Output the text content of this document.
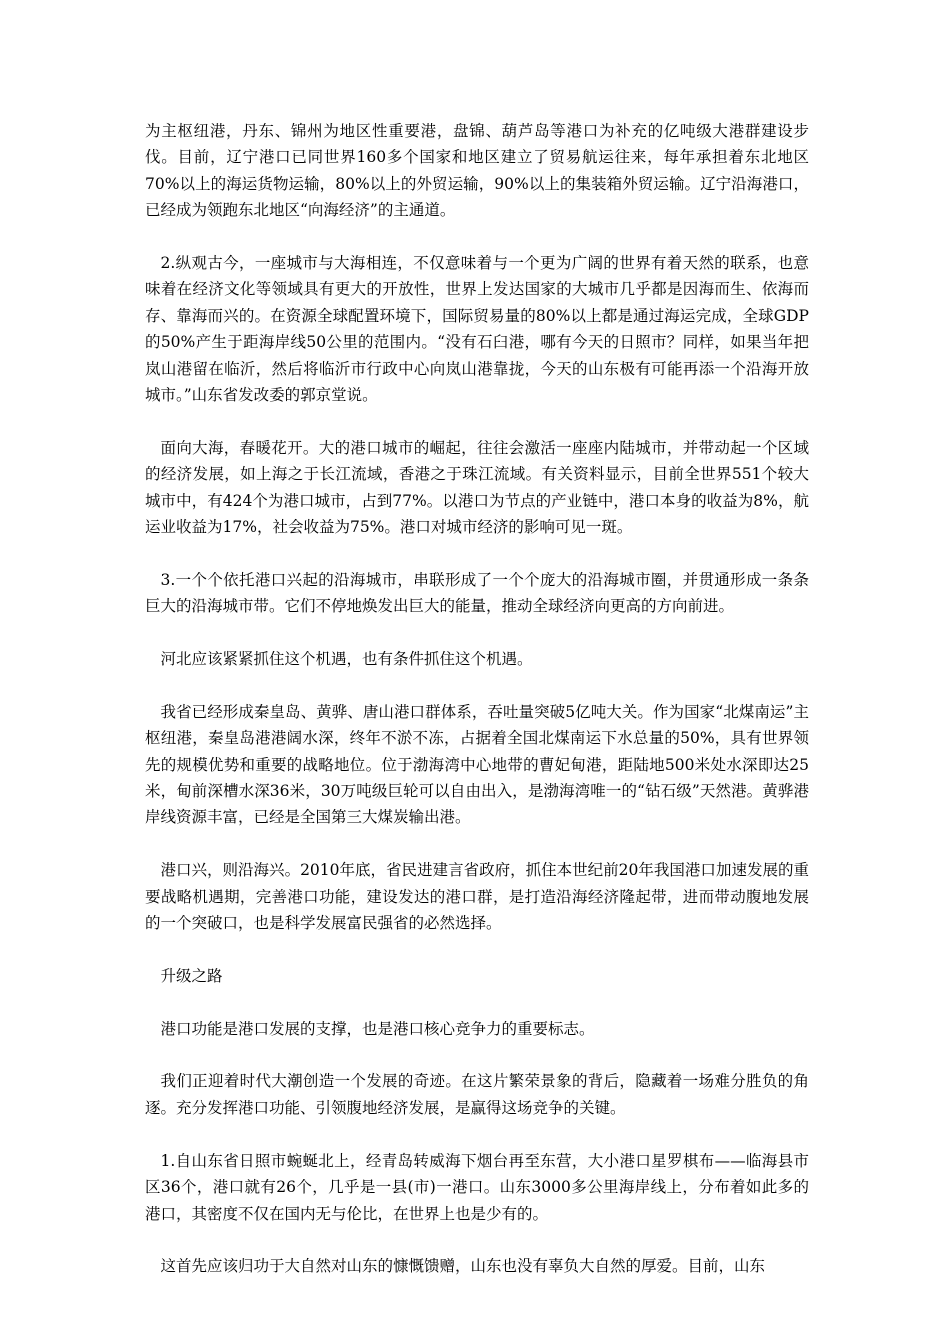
为主枢纽港，丹东、锦州为地区性重要港，盘锦、葫芦岛等港口为补充的亿吨级大港群建设步伐。目前，辽宁港口已同世界160多个国家和地区建立了贸易航运往来，每年承担着东北地区70%以上的海运货物运输，80%以上的外贸运输，90%以上的集装箱外贸运输。辽宁沿海港口，已经成为领跑东北地区“向海经济”的主通道。

2.纵观古今，一座城市与大海相连，不仅意味着与一个更为广阔的世界有着天然的联系，也意味着在经济文化等领域具有更大的开放性，世界上发达国家的大城市几乎都是因海而生、依海而存、靠海而兴的。在资源全球配置环境下，国际贸易量的80%以上都是通过海运完成，全球GDP的50%产生于距海岸线50公里的范围内。“没有石臼港，哪有今天的日照市？同样，如果当年把岚山港留在临沂，然后将临沂市行政中心向岚山港靠拢，今天的山东极有可能再添一个沿海开放城市。”山东省发改委的郭京堂说。

面向大海，春暖花开。大的港口城市的崛起，往往会激活一座座内陆城市，并带动起一个区域的经济发展，如上海之于长江流域，香港之于珠江流域。有关资料显示，目前全世界551个较大城市中，有424个为港口城市，占到77%。以港口为节点的产业链中，港口本身的收益为8%，航运业收益为17%，社会收益为75%。港口对城市经济的影响可见一斑。

3.一个个依托港口兴起的沿海城市，串联形成了一个个庞大的沿海城市圈，并贯通形成一条条巨大的沿海城市带。它们不停地焕发出巨大的能量，推动全球经济向更高的方向前进。

河北应该紧紧抓住这个机遇，也有条件抓住这个机遇。

我省已经形成秦皇岛、黄骅、唐山港口群体系，吞吐量突破5亿吨大关。作为国家“北煤南运”主枢纽港，秦皇岛港港阔水深，终年不淤不冻，占据着全国北煤南运下水总量的50%，具有世界领先的规模优势和重要的战略地位。位于渤海湾中心地带的曹妃甸港，距陆地500米处水深即达25米，甸前深槽水深36米，30万吨级巨轮可以自由出入，是渤海湾唯一的“钻石级”天然港。黄骅港岸线资源丰富，已经是全国第三大煤炭输出港。

港口兴，则沿海兴。2010年底，省民进建言省政府，抓住本世纪前20年我国港口加速发展的重要战略机遇期，完善港口功能，建设发达的港口群，是打造沿海经济隆起带，进而带动腹地发展的一个突破口，也是科学发展富民强省的必然选择。

升级之路

港口功能是港口发展的支撑，也是港口核心竞争力的重要标志。

我们正迎着时代大潮创造一个发展的奇迹。在这片繁荣景象的背后，隐藏着一场难分胜负的角逐。充分发挥港口功能、引领腹地经济发展，是赢得这场竞争的关键。

1.自山东省日照市蜿蜒北上，经青岛转威海下烟台再至东营，大小港口星罗棋布——临海县市区36个，港口就有26个，几乎是一县(市)一港口。山东3000多公里海岸线上，分布着如此多的港口，其密度不仅在国内无与伦比，在世界上也是少有的。

这首先应该归功于大自然对山东的慷慨馈赠，山东也没有辜负大自然的厚爱。目前，山东
